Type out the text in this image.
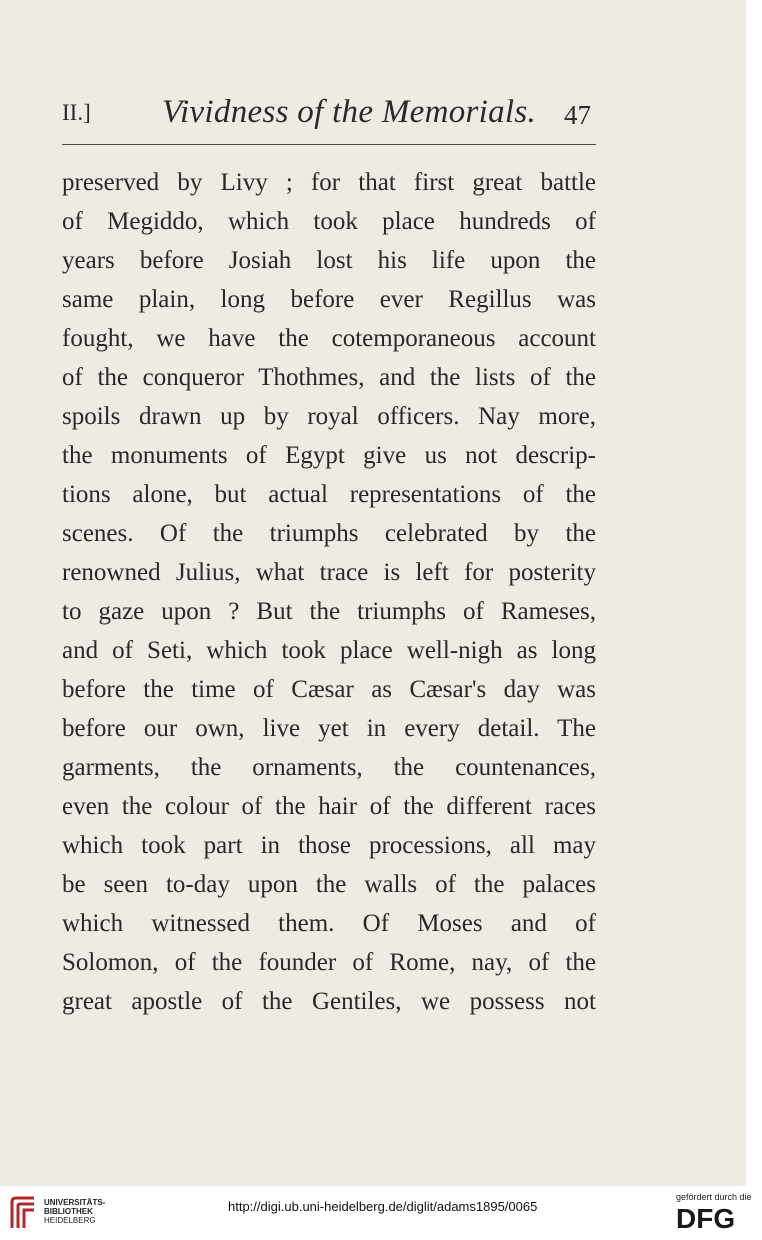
II.] Vividness of the Memorials.	47
preserved by Livy ; for that first great battle
of Megiddo, which took place hundreds of
years before Josiah lost his life upon the
same plain, long before ever Regillus was
fought, we have the cotemporaneous account
of the conqueror Thothmes, and the lists of the
spoils drawn up by royal officers. Nay more,
the monuments of Egypt give us not descrip-
tions alone, but actual representations of the
scenes. Of the triumphs celebrated by the
renowned Julius, what trace is left for posterity
to gaze upon ? But the triumphs of Rameses,
and of Seti, which took place well-nigh as long
before the time of Cæsar as Cæsar's day was
before our own, live yet in every detail. The
garments, the ornaments, the countenances,
even the colour of the hair of the different races
which took part in those processions, all may
be seen to-day upon the walls of the palaces
which witnessed them. Of Moses and of
Solomon, of the founder of Rome, nay, of the
great apostle of the Gentiles, we possess not
UNIVERSITÄTS-
BIBLIOTHEK
HEIDELBERG
http://digi.ub.uni-heidelberg.de/diglit/adams1895/0065
gefördert durch die
DFG
